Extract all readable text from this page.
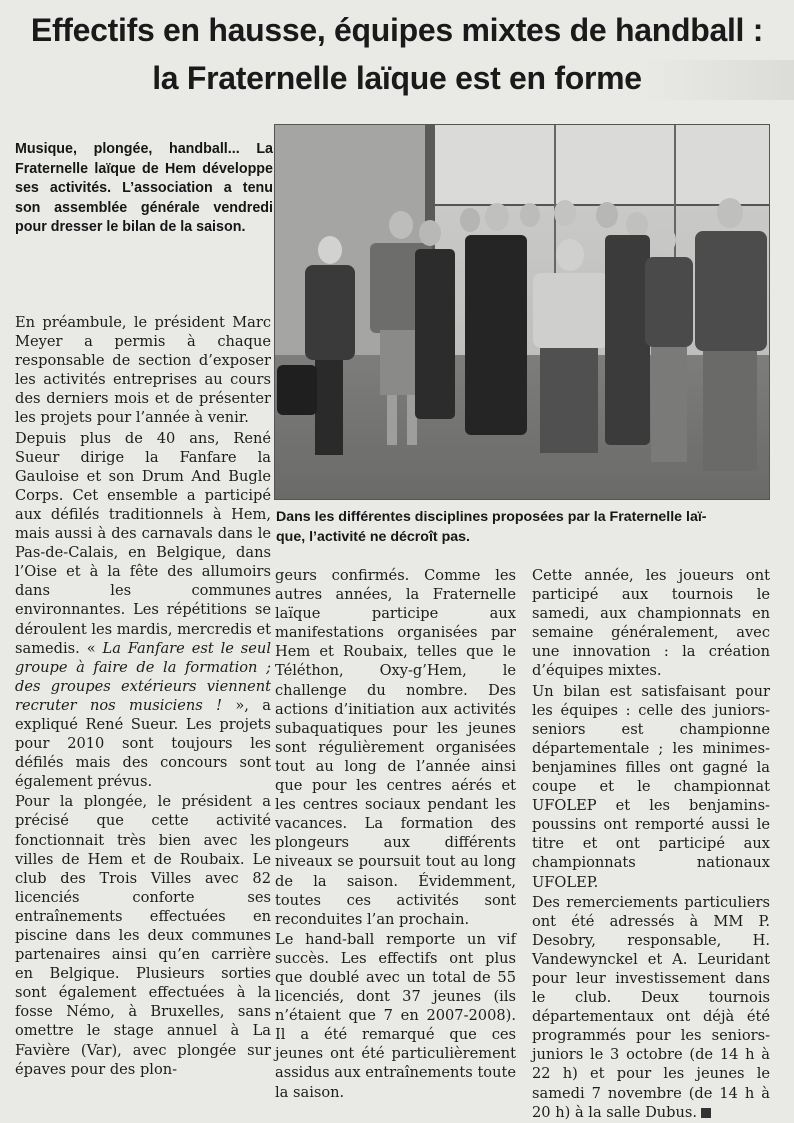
Effectifs en hausse, équipes mixtes de handball :
la Fraternelle laïque est en forme
Musique, plongée, handball... La Fraternelle laïque de Hem développe ses activités. L’association a tenu son assemblée générale vendredi pour dresser le bilan de la saison.
Dans les différentes disciplines proposées par la Fraternelle laï-
que, l’activité ne décroît pas.

En préambule, le président Marc Meyer a permis à chaque responsable de section d’exposer les activités entreprises au cours des derniers mois et de présenter les projets pour l’année à venir.

Depuis plus de 40 ans, René Sueur dirige la Fanfare la Gauloise et son Drum And Bugle Corps. Cet ensemble a participé aux défilés traditionnels à Hem, mais aussi à des carnavals dans le Pas-de-Calais, en Belgique, dans l’Oise et à la fête des allumoirs dans les communes environnantes. Les répétitions se déroulent les mardis, mercredis et samedis. « La Fanfare est le seul groupe à faire de la formation ; des groupes extérieurs viennent recruter nos musiciens ! », a expliqué René Sueur. Les projets pour 2010 sont toujours les défilés mais des concours sont également prévus.

Pour la plongée, le président a précisé que cette activité fonctionnait très bien avec les villes de Hem et de Roubaix. Le club des Trois Villes avec 82 licenciés conforte ses entraînements effectuées en piscine dans les deux communes partenaires ainsi qu’en carrière en Belgique. Plusieurs sorties sont également effectuées à la fosse Némo, à Bruxelles, sans omettre le stage annuel à La Favière (Var), avec plongée sur épaves pour des plon-

geurs confirmés. Comme les autres années, la Fraternelle laïque participe aux manifestations organisées par Hem et Roubaix, telles que le Téléthon, Oxy-g’Hem, le challenge du nombre. Des actions d’initiation aux activités subaquatiques pour les jeunes sont régulièrement organisées tout au long de l’année ainsi que pour les centres aérés et les centres sociaux pendant les vacances. La formation des plongeurs aux différents niveaux se poursuit tout au long de la saison. Évidemment, toutes ces activités sont reconduites l’an prochain.

Le hand-ball remporte un vif succès. Les effectifs ont plus que doublé avec un total de 55 licenciés, dont 37 jeunes (ils n’étaient que 7 en 2007-2008). Il a été remarqué que ces jeunes ont été particulièrement assidus aux entraînements toute la saison.

Cette année, les joueurs ont participé aux tournois le samedi, aux championnats en semaine généralement, avec une innovation : la création d’équipes mixtes.

Un bilan est satisfaisant pour les équipes : celle des juniors-seniors est championne départementale ; les minimes-benjamines filles ont gagné la coupe et le championnat UFOLEP et les benjamins-poussins ont remporté aussi le titre et ont participé aux championnats nationaux UFOLEP.

Des remerciements particuliers ont été adressés à MM P. Desobry, responsable, H. Vandewynckel et A. Leuridant pour leur investissement dans le club. Deux tournois départementaux ont déjà été programmés pour les seniors-juniors le 3 octobre (de 14 h à 22 h) et pour les jeunes le samedi 7 novembre (de 14 h à 20 h) à la salle Dubus.
